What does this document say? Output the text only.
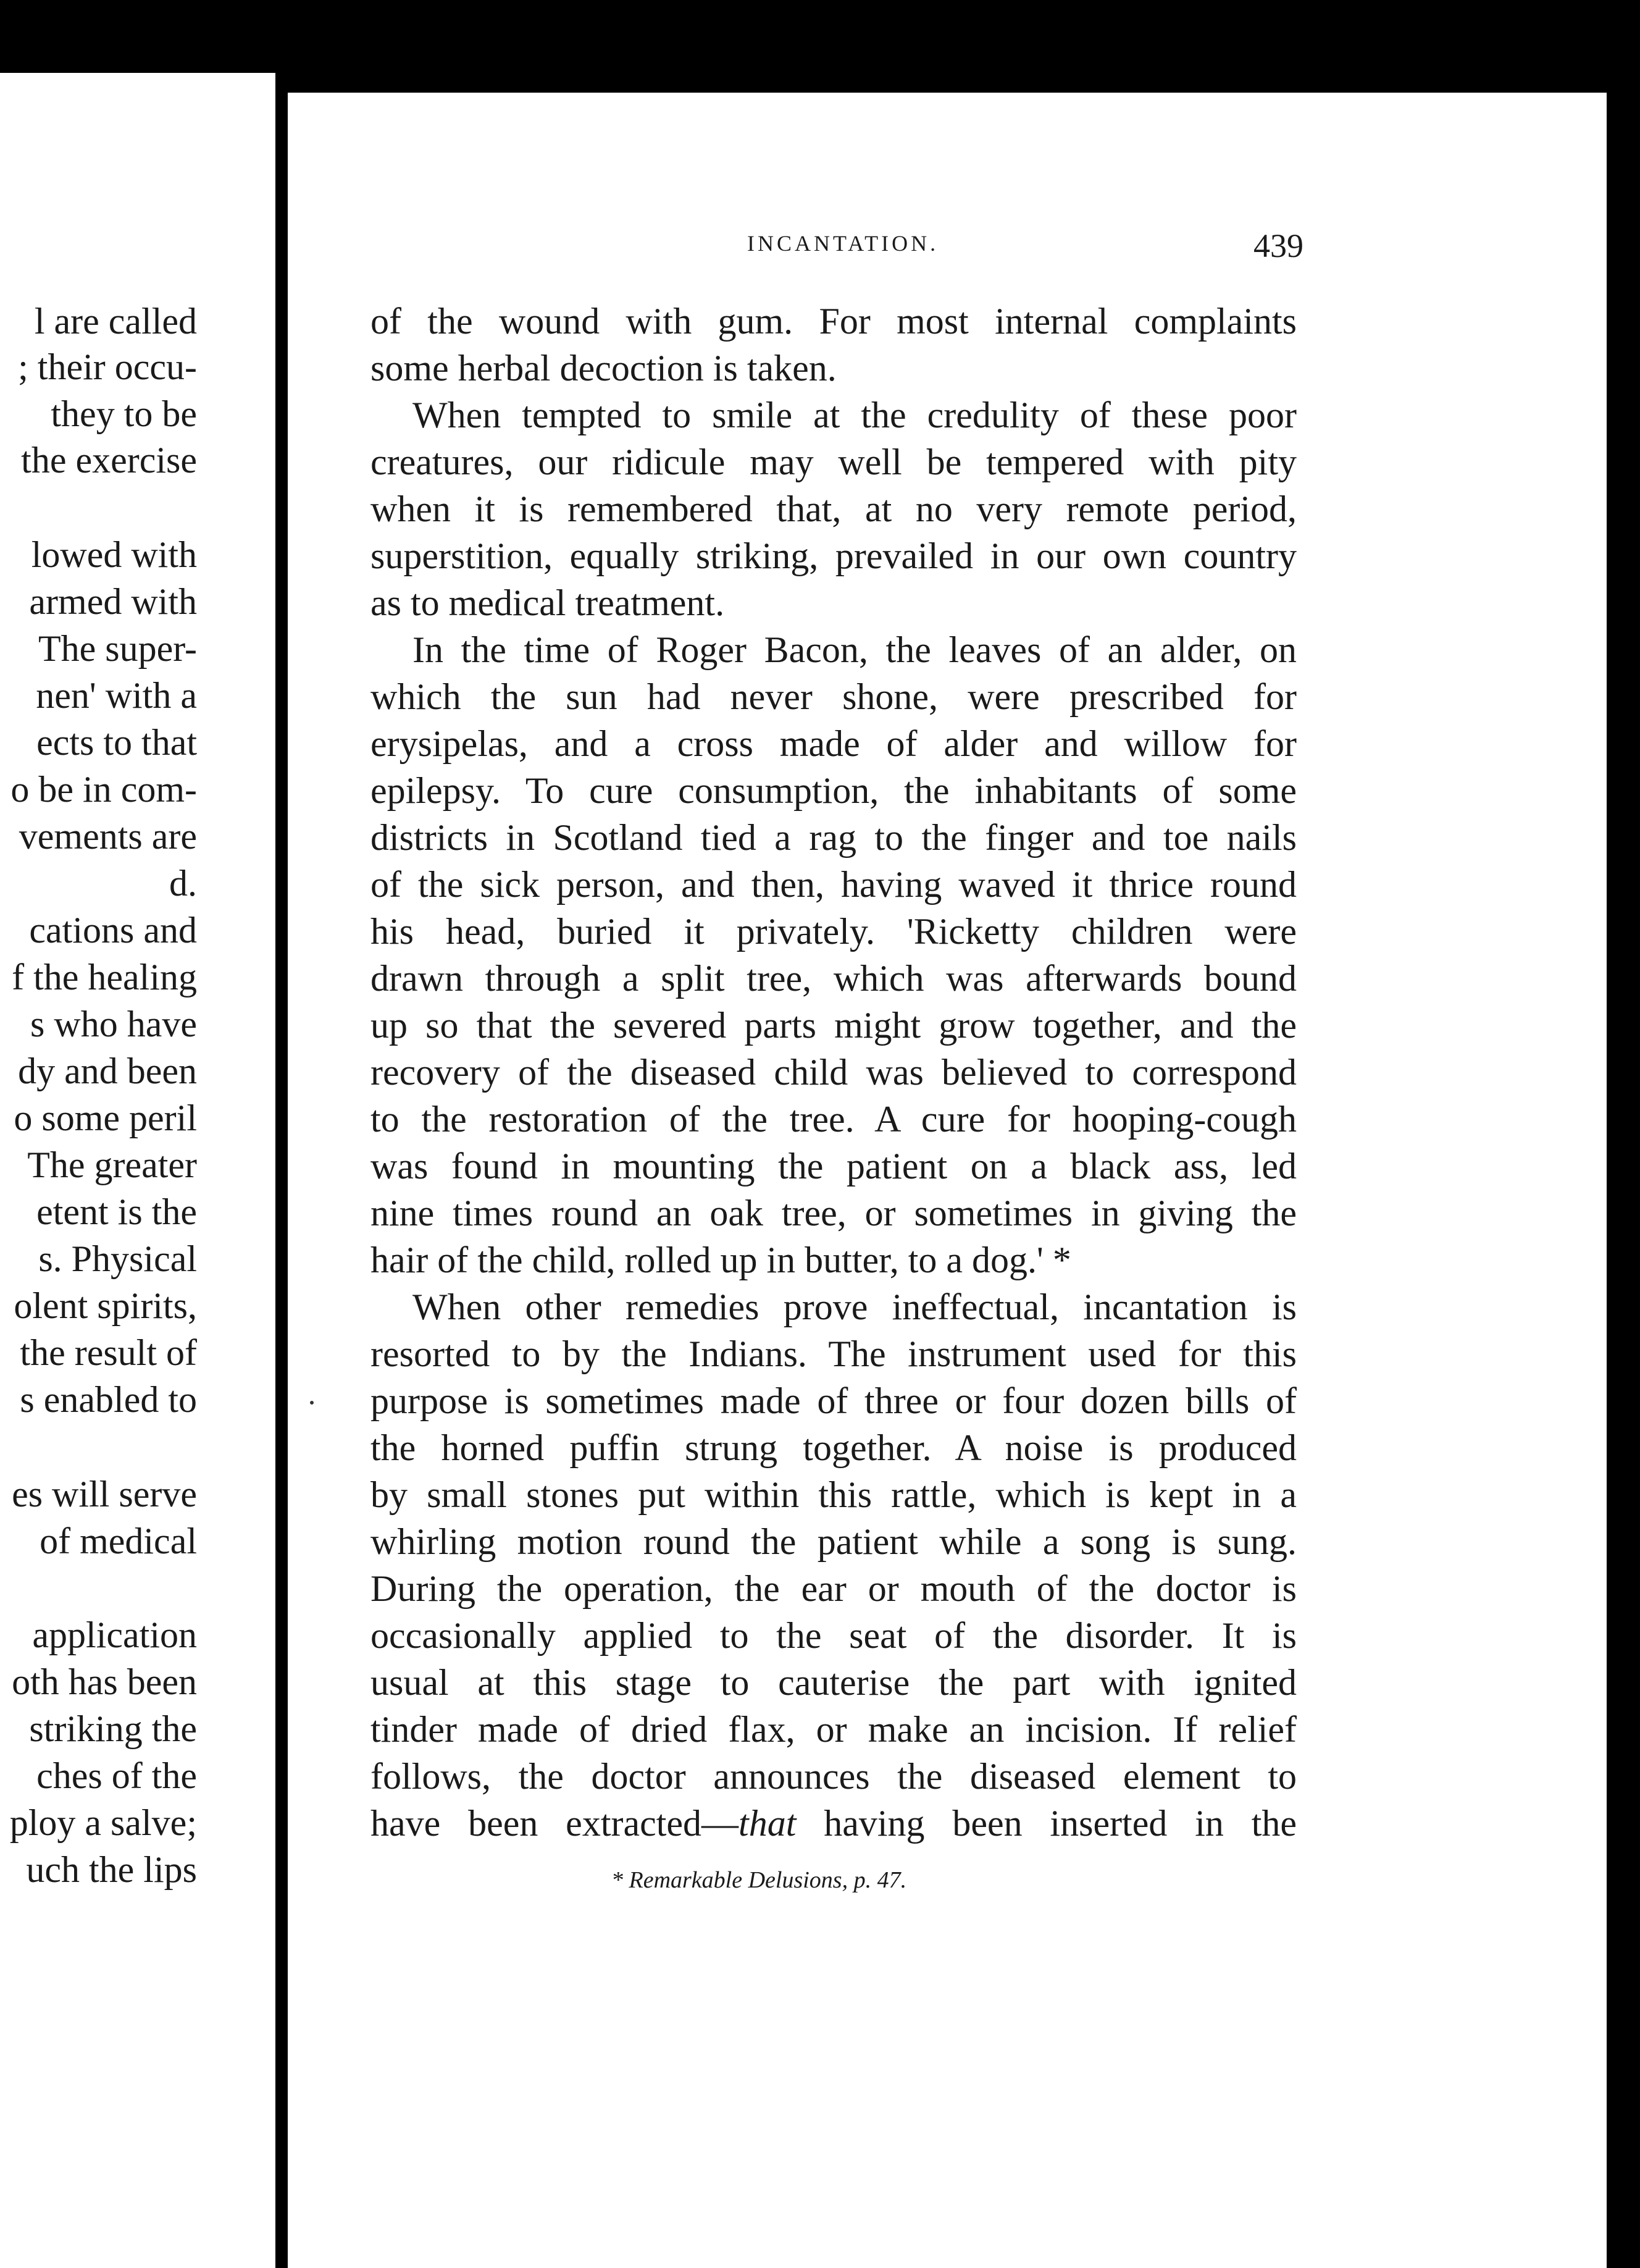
l are called
; their occu-
they to be
the exercise
lowed with
armed with
The super-
nen' with a
ects to that
o be in com-
vements are
d.
cations and
f the healing
s who have
dy and been
o some peril
The greater
etent is the
s. Physical
olent spirits,
the result of
s enabled to
es will serve
of medical
application
oth has been
striking the
ches of the
ploy a salve;
uch the lips
INCANTATION.	439
of the wound with gum. For most internal complaints
some herbal decoction is taken.
When tempted to smile at the credulity of these poor
creatures, our ridicule may well be tempered with pity
when it is remembered that, at no very remote period,
superstition, equally striking, prevailed in our own country
as to medical treatment.
In the time of Roger Bacon, the leaves of an alder, on
which the sun had never shone, were prescribed for
erysipelas, and a cross made of alder and willow for
epilepsy. To cure consumption, the inhabitants of some
districts in Scotland tied a rag to the finger and toe nails
of the sick person, and then, having waved it thrice round
his head, buried it privately. 'Ricketty children were
drawn through a split tree, which was afterwards bound
up so that the severed parts might grow together, and the
recovery of the diseased child was believed to correspond
to the restoration of the tree. A cure for hooping-cough
was found in mounting the patient on a black ass, led
nine times round an oak tree, or sometimes in giving the
hair of the child, rolled up in butter, to a dog.' *
When other remedies prove ineffectual, incantation is
resorted to by the Indians. The instrument used for this
purpose is sometimes made of three or four dozen bills of
the horned puffin strung together. A noise is produced
by small stones put within this rattle, which is kept in a
whirling motion round the patient while a song is sung.
During the operation, the ear or mouth of the doctor is
occasionally applied to the seat of the disorder. It is
usual at this stage to cauterise the part with ignited
tinder made of dried flax, or make an incision. If relief
follows, the doctor announces the diseased element to
have been extracted—that having been inserted in the
* Remarkable Delusions, p. 47.
